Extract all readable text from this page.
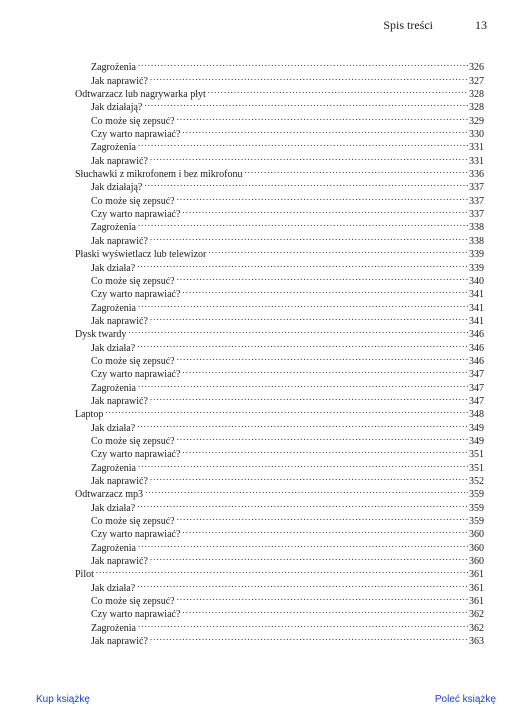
Spis treści	13
Zagrożenia .....	326
Jak naprawić? .....	327
Odtwarzacz lub nagrywarka płyt .....	328
Jak działają? .....	328
Co może się zepsuć? .....	329
Czy warto naprawiać? .....	330
Zagrożenia .....	331
Jak naprawić? .....	331
Słuchawki z mikrofonem i bez mikrofonu .....	336
Jak działają? .....	337
Co może się zepsuć? .....	337
Czy warto naprawiać? .....	337
Zagrożenia .....	338
Jak naprawić? .....	338
Płaski wyświetlacz lub telewizor .....	339
Jak działa? .....	339
Co może się zepsuć? .....	340
Czy warto naprawiać? .....	341
Zagrożenia .....	341
Jak naprawić? .....	341
Dysk twardy .....	346
Jak działa? .....	346
Co może się zepsuć? .....	346
Czy warto naprawiać? .....	347
Zagrożenia .....	347
Jak naprawić? .....	347
Laptop .....	348
Jak działa? .....	349
Co może się zepsuć? .....	349
Czy warto naprawiać? .....	351
Zagrożenia .....	351
Jak naprawić? .....	352
Odtwarzacz mp3 .....	359
Jak działa? .....	359
Co może się zepsuć? .....	359
Czy warto naprawiać? .....	360
Zagrożenia .....	360
Jak naprawić? .....	360
Pilot .....	361
Jak działa? .....	361
Co może się zepsuć? .....	361
Czy warto naprawiać? .....	362
Zagrożenia .....	362
Jak naprawić? .....	363
Kup książkę	Poleć książkę
